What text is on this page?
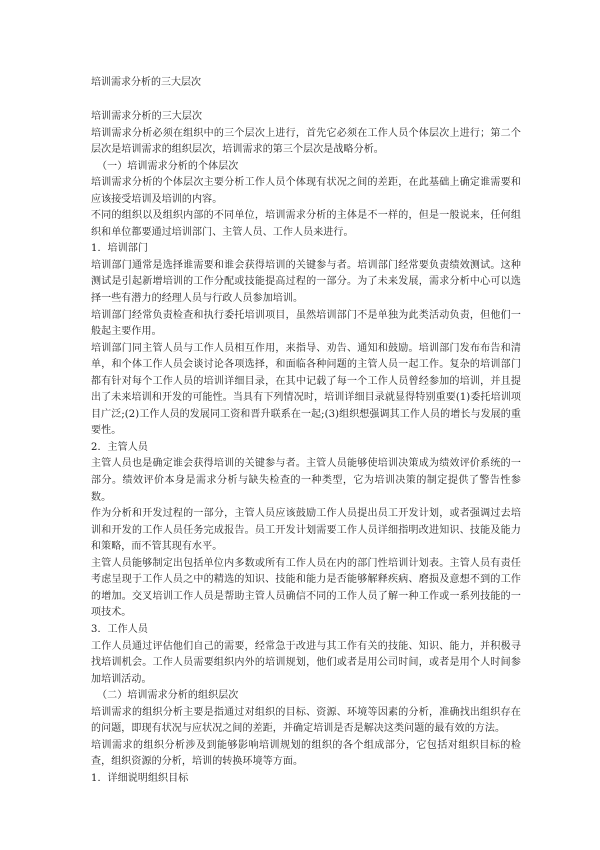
培训需求分析的三大层次

培训需求分析的三大层次

培训需求分析必须在组织中的三个层次上进行，首先它必须在工作人员个体层次上进行；第二个层次是培训需求的组织层次，培训需求的第三个层次是战略分析。

（一）培训需求分析的个体层次

培训需求分析的个体层次主要分析工作人员个体现有状况之间的差距，在此基础上确定谁需要和应该接受培训及培训的内容。

不同的组织以及组织内部的不同单位，培训需求分析的主体是不一样的，但是一般说来，任何组织和单位都要通过培训部门、主管人员、工作人员来进行。

1．培训部门

培训部门通常是选择谁需要和谁会获得培训的关键参与者。培训部门经常要负责绩效测试。这种测试是引起新增培训的工作分配或技能提高过程的一部分。为了未来发展，需求分析中心可以选择一些有潜力的经理人员与行政人员参加培训。

培训部门经常负责检查和执行委托培训项目，虽然培训部门不是单独为此类活动负责，但他们一般起主要作用。

培训部门同主管人员与工作人员相互作用，来指导、劝告、通知和鼓励。培训部门发布布告和清单，和个体工作人员会谈讨论各项选择，和面临各种问题的主管人员一起工作。复杂的培训部门都有针对每个工作人员的培训详细目录，在其中记载了每一个工作人员曾经参加的培训，并且提出了未来培训和开发的可能性。当具有下列情况时，培训详细目录就显得特别重要(1)委托培训项目广泛;(2)工作人员的发展同工资和晋升联系在一起;(3)组织想强调其工作人员的增长与发展的重要性。

2．主管人员

主管人员也是确定谁会获得培训的关键参与者。主管人员能够使培训决策成为绩效评价系统的一部分。绩效评价本身是需求分析与缺失检查的一种类型，它为培训决策的制定提供了警告性参数。

作为分析和开发过程的一部分，主管人员应该鼓励工作人员提出员工开发计划，或者强调过去培训和开发的工作人员任务完成报告。员工开发计划需要工作人员详细指明改进知识、技能及能力和策略，而不管其现有水平。

主管人员能够制定出包括单位内多数或所有工作人员在内的部门性培训计划表。主管人员有责任考虑呈现于工作人员之中的精选的知识、技能和能力是否能够解释疾病、磨损及意想不到的工作的增加。交叉培训工作人员是帮助主管人员确信不同的工作人员了解一种工作或一系列技能的一项技术。

3．工作人员

工作人员通过评估他们自己的需要，经常急于改进与其工作有关的技能、知识、能力，并积极寻找培训机会。工作人员需要组织内外的培训规划，他们或者是用公司时间，或者是用个人时间参加培训活动。

（二）培训需求分析的组织层次

培训需求的组织分析主要是指通过对组织的目标、资源、环境等因素的分析，准确找出组织存在的问题，即现有状况与应状况之间的差距，并确定培训是否是解决这类问题的最有效的方法。

培训需求的组织分析涉及到能够影响培训规划的组织的各个组成部分，它包括对组织目标的检查，组织资源的分析，培训的转换环境等方面。

1．详细说明组织目标
